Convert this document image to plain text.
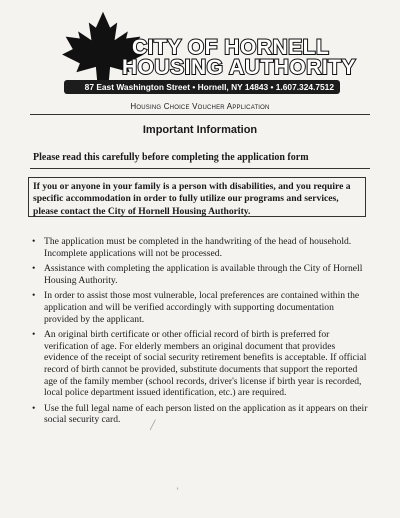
CITY OF HORNELL
HOUSING AUTHORITY
87 East Washington Street • Hornell, NY 14843 • 1.607.324.7512
Housing Choice Voucher Application
Important Information
Please read this carefully before completing the application form
If you or anyone in your family is a person with disabilities, and you require a specific accommodation in order to fully utilize our programs and services, please contact the City of Hornell Housing Authority.
• The application must be completed in the handwriting of the head of household. Incomplete applications will not be processed.
• Assistance with completing the application is available through the City of Hornell Housing Authority.
• In order to assist those most vulnerable, local preferences are contained within the application and will be verified accordingly with supporting documentation provided by the applicant.
• An original birth certificate or other official record of birth is preferred for verification of age. For elderly members an original document that provides evidence of the receipt of social security retirement benefits is acceptable. If official record of birth cannot be provided, substitute documents that support the reported age of the family member (school records, driver's license if birth year is recorded, local police department issued identification, etc.) are required.
• Use the full legal name of each person listed on the application as it appears on their social security card.	╱
ʼ
